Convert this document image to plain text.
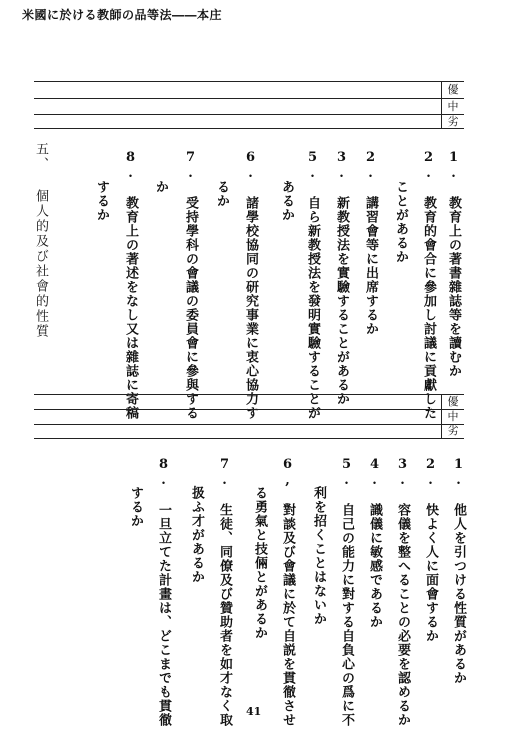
米國に於ける教師の品等法――本庄
優
中
劣
1.　教育上の著書雜誌等を讀むか
2.　教育的會合に參加し討議に貢獻した
ことがあるか
2.　講習會等に出席するか
3.　新教授法を實驗することがあるか
5.　自ら新教授法を發明實驗することが
あるか
6.　諸學校協同の研究事業に衷心協力す
るか
7.　受持學科の會議の委員會に參與する
か
8.　教育上の著述をなし又は雜誌に寄稿
するか
五、 個人的及び社會的性質
優
中
劣
1.　他人を引つける性質があるか
2.　快よく人に面會するか
3.　容儀を整へることの必要を認めるか
4.　識儀に敏感であるか
5.　自己の能力に對する自負心の爲に不
利を招くことはないか
6,　對談及び會議に於て自説を貫徹させ
る勇氣と技倆とがあるか
7.　生徒、同僚及び贊助者を如才なく取
扱ふ才があるか
8.　一旦立てた計畫は、どこまでも貫徹
するか
41
